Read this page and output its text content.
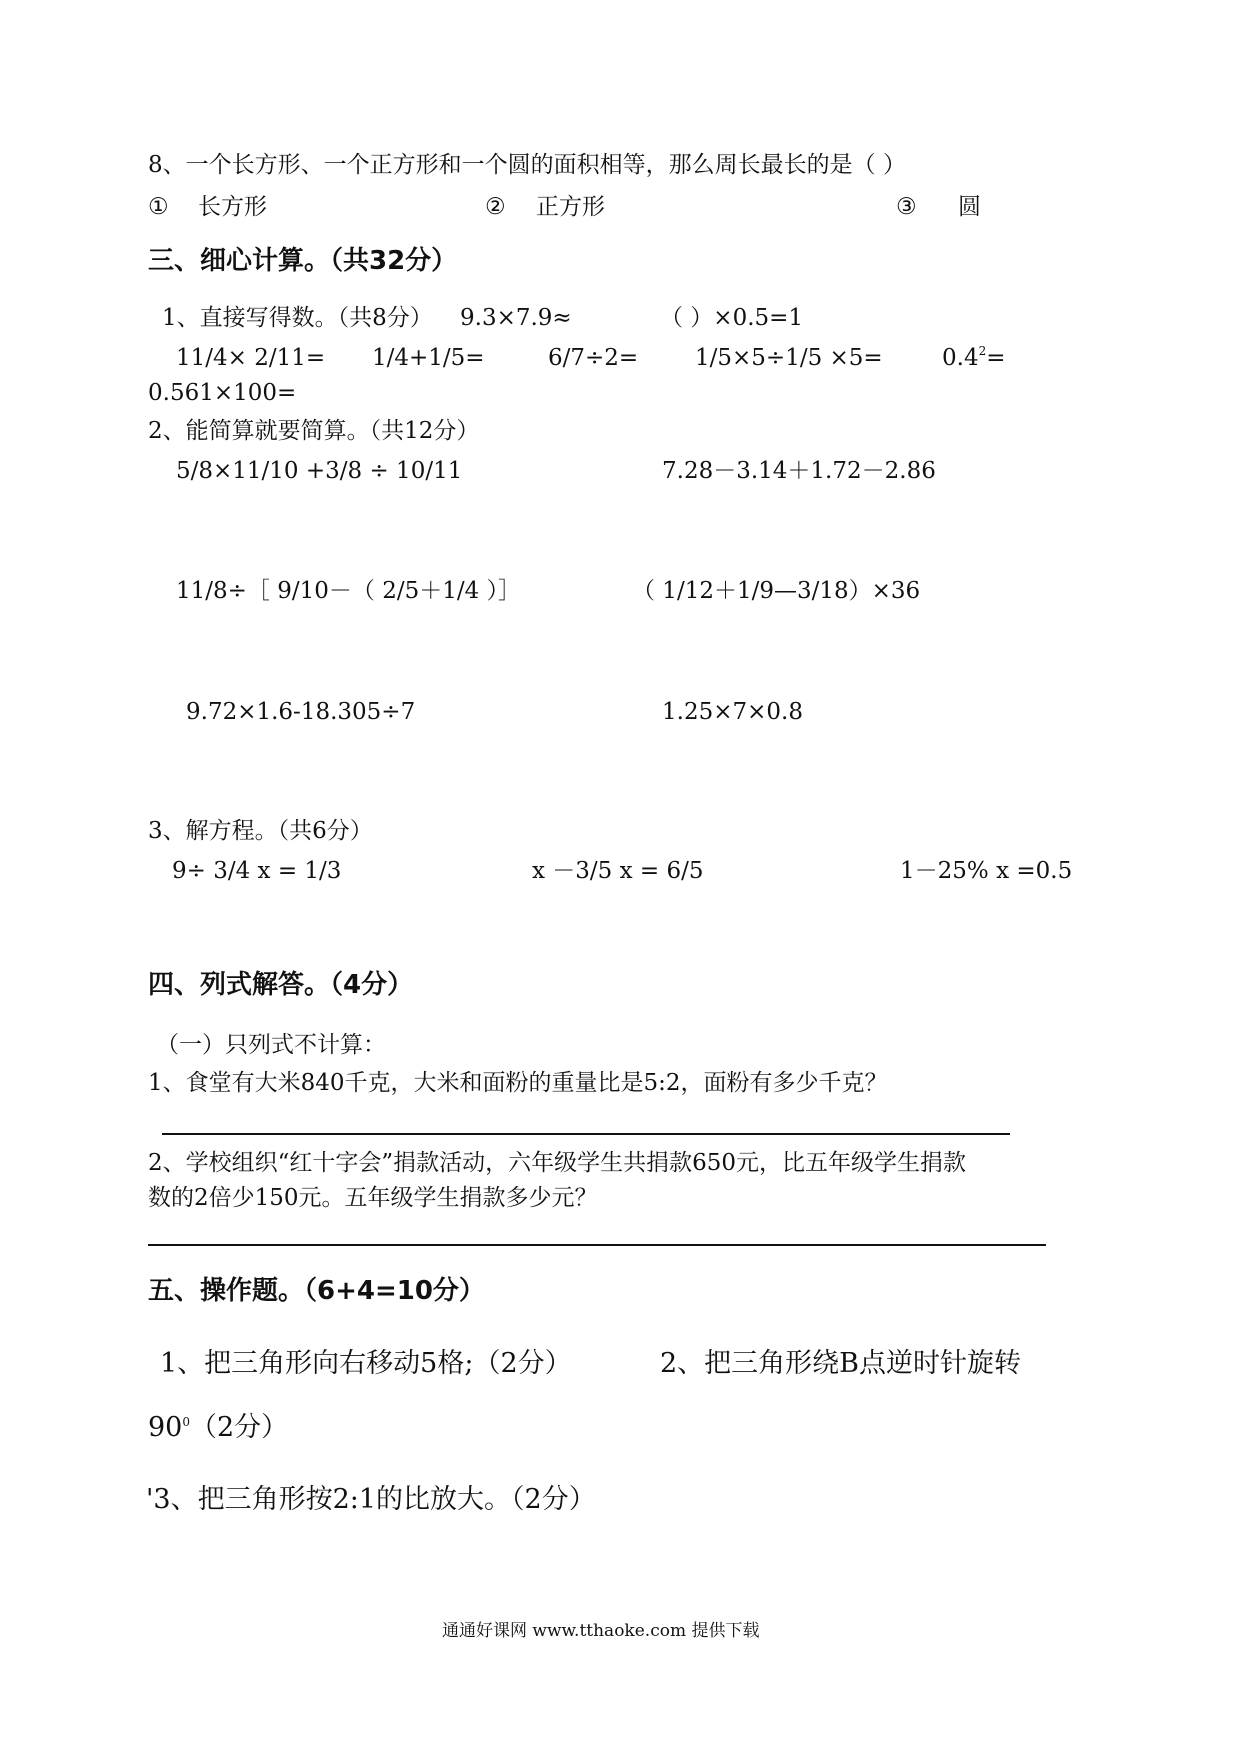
8、一个长方形、一个正方形和一个圆的面积相等，那么周长最长的是（ ）
① 长方形	② 正方形	③ 圆
三、细心计算。（共32分）
1、直接写得数。（共8分） 9.3×7.9≈	（ ）×0.5=1
11/4× 2/11= 1/4+1/5=	6/7÷2= 1/5×5÷1/5 ×5=	$0.4^2=$
0.561×100=
2、能简算就要简算。（共12分）
5/8×11/10 +3/8 ÷ 10/11	7.28－3.14＋1.72－2.86
11/8÷［ 9/10－（ 2/5＋1/4 ）］	（ 1/12＋1/9—3/18）×36
9.72×1.6-18.305÷7	1.25×7×0.8
3、解方程。（共6分）
9÷ 3/4 x = 1/3	x －3/5 x = 6/5	1－25% x =0.5
四、列式解答。（4分）
（一）只列式不计算：
1、食堂有大米840千克，大米和面粉的重量比是5:2，面粉有多少千克？
2、学校组织“红十字会”捐款活动，六年级学生共捐款650元，比五年级学生捐款
数的2倍少150元。五年级学生捐款多少元？
五、操作题。（6+4=10分）
1、把三角形向右移动5格;（2分）	2、把三角形绕B点逆时针旋转
$90^0(2$分）
'3、把三角形按2:1的比放大。（2分）
通通好课网 www.tthaoke.com 提供下载
